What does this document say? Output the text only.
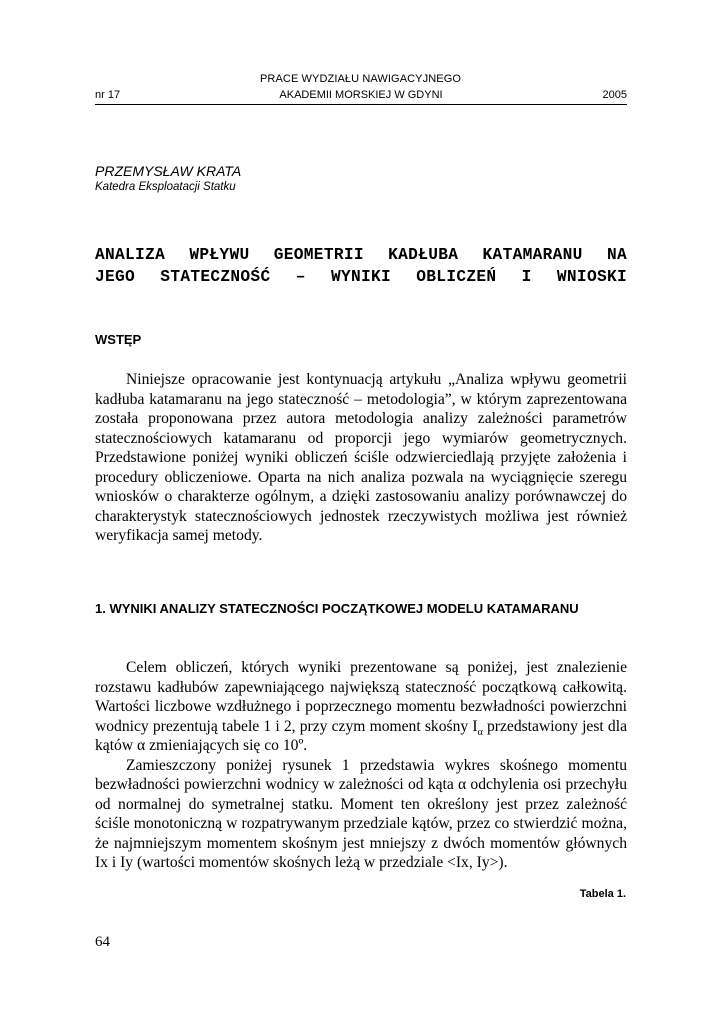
PRACE WYDZIAŁU NAWIGACYJNEGO
nr 17	AKADEMII MORSKIEJ W GDYNI	2005
PRZEMYSŁAW KRATA
Katedra Eksploatacji Statku
ANALIZA WPŁYWU GEOMETRII KADŁUBA KATAMARANU NA
JEGO STATECZNOŚĆ – WYNIKI OBLICZEŃ I WNIOSKI
WSTĘP

Niniejsze opracowanie jest kontynuacją artykułu „Analiza wpływu geometrii kadłuba katamaranu na jego stateczność – metodologia”, w którym zaprezentowana została proponowana przez autora metodologia analizy zależności parametrów statecznościowych katamaranu od proporcji jego wymiarów geometrycznych. Przedstawione poniżej wyniki obliczeń ściśle odzwierciedlają przyjęte założenia i procedury obliczeniowe. Oparta na nich analiza pozwala na wyciągnięcie szeregu wniosków o charakterze ogólnym, a dzięki zastosowaniu analizy porównawczej do charakterystyk statecznościowych jednostek rzeczywistych możliwa jest również weryfikacja samej metody.

1. WYNIKI ANALIZY STATECZNOŚCI POCZĄTKOWEJ MODELU KATAMARANU

Celem obliczeń, których wyniki prezentowane są poniżej, jest znalezienie rozstawu kadłubów zapewniającego największą stateczność początkową całkowitą. Wartości liczbowe wzdłużnego i poprzecznego momentu bezwładności powierzchni wodnicy prezentują tabele 1 i 2, przy czym moment skośny $I_\alpha$ przedstawiony jest dla kątów α zmieniających się co 10º.

Zamieszczony poniżej rysunek 1 przedstawia wykres skośnego momentu bezwładności powierzchni wodnicy w zależności od kąta α odchylenia osi przechyłu od normalnej do symetralnej statku. Moment ten określony jest przez zależność ściśle monotoniczną w rozpatrywanym przedziale kątów, przez co stwierdzić można, że najmniejszym momentem skośnym jest mniejszy z dwóch momentów głównych Ix i Iy (wartości momentów skośnych leżą w przedziale <Ix, Iy>).

Tabela 1.
64
